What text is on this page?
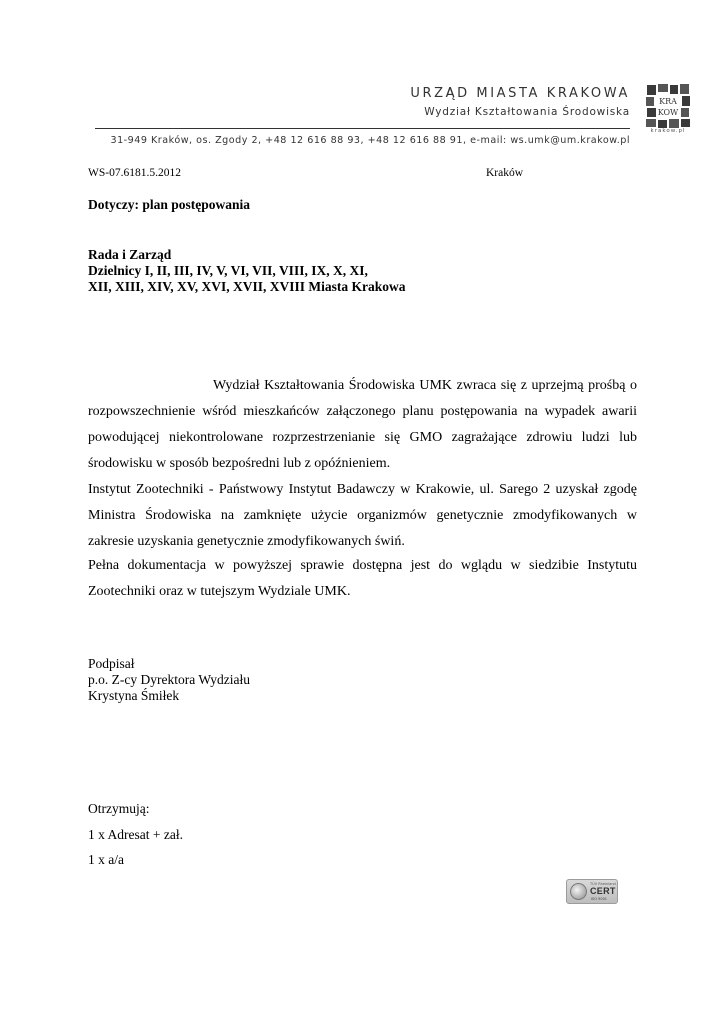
URZĄD MIASTA KRAKOWA
Wydział Kształtowania Środowiska
31-949 Kraków, os. Zgody 2, +48 12 616 88 93, +48 12 616 88 91, e-mail: ws.umk@um.krakow.pl
KRA
KOW
krakow.pl
WS-07.6181.5.2012	Kraków
Dotyczy: plan postępowania
Rada i Zarząd
Dzielnicy I, II, III, IV, V, VI, VII, VIII, IX, X, XI,
XII, XIII, XIV, XV, XVI, XVII, XVIII Miasta Krakowa
Wydział Kształtowania Środowiska UMK zwraca się z uprzejmą prośbą o rozpowszechnienie wśród mieszkańców załączonego planu postępowania na wypadek awarii powodującej niekontrolowane rozprzestrzenianie się GMO zagrażające zdrowiu ludzi lub środowisku w sposób bezpośredni lub z opóźnieniem.
Instytut Zootechniki - Państwowy Instytut Badawczy w Krakowie, ul. Sarego 2 uzyskał zgodę Ministra Środowiska na zamknięte użycie organizmów genetycznie zmodyfikowanych w zakresie uzyskania genetycznie zmodyfikowanych świń.
Pełna dokumentacja w powyższej sprawie dostępna jest do wglądu w siedzibie Instytutu Zootechniki oraz w tutejszym Wydziale UMK.
Podpisał
p.o. Z-cy Dyrektora Wydziału
Krystyna Śmiłek
Otrzymują:
1 x Adresat + zał.
1 x a/a
TÜV Rheinland
CERT
ISO 9001
